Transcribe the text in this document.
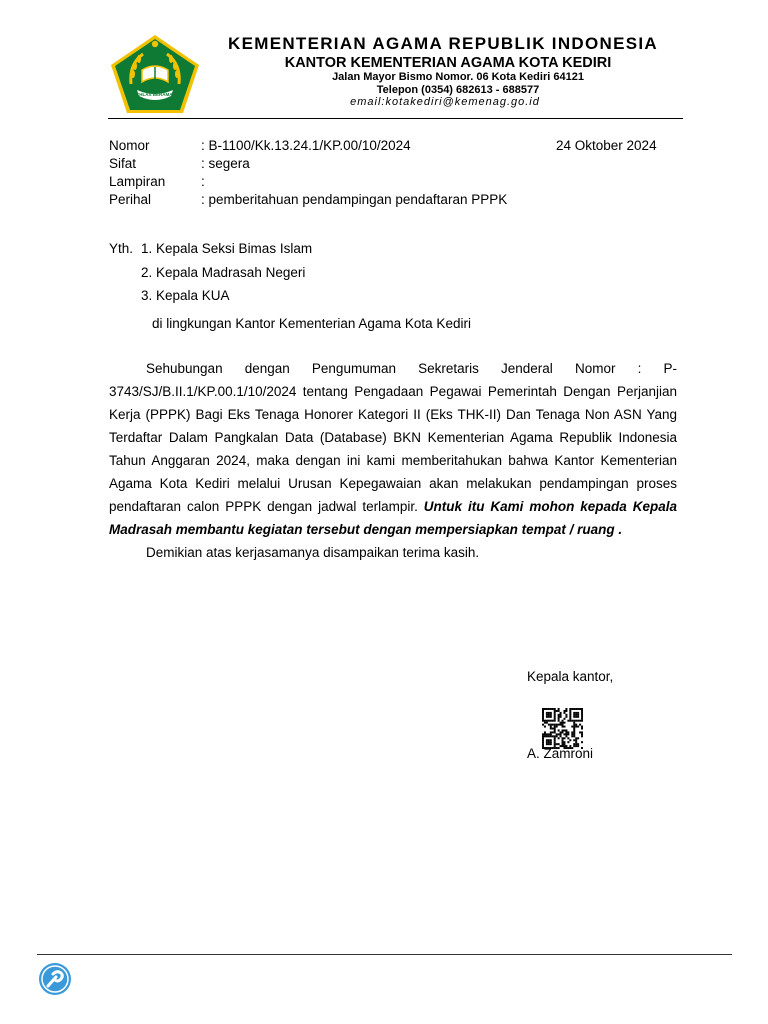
IKHLAS BERAMAL
KEMENTERIAN AGAMA REPUBLIK INDONESIA
KANTOR KEMENTERIAN AGAMA KOTA KEDIRI
Jalan Mayor Bismo Nomor. 06 Kota Kediri 64121
Telepon (0354) 682613 - 688577
email:kotakediri@kemenag.go.id
Nomor	: B-1100/Kk.13.24.1/KP.00/10/2024	24 Oktober 2024
Sifat	: segera
Lampiran	:
Perihal	: pemberitahuan pendampingan pendaftaran PPPK
Yth. 1. Kepala Seksi Bimas Islam
2. Kepala Madrasah Negeri
3. Kepala KUA
di lingkungan Kantor Kementerian Agama Kota Kediri

Sehubungan dengan Pengumuman Sekretaris Jenderal Nomor : P-3743/SJ/B.II.1/KP.00.1/10/2024 tentang Pengadaan Pegawai Pemerintah Dengan Perjanjian Kerja (PPPK) Bagi Eks Tenaga Honorer Kategori II (Eks THK-II) Dan Tenaga Non ASN Yang Terdaftar Dalam Pangkalan Data (Database) BKN Kementerian Agama Republik Indonesia Tahun Anggaran 2024, maka dengan ini kami memberitahukan bahwa Kantor Kementerian Agama Kota Kediri melalui Urusan Kepegawaian akan melakukan pendampingan proses pendaftaran calon PPPK dengan jadwal terlampir. Untuk itu Kami mohon kepada Kepala Madrasah membantu kegiatan tersebut dengan mempersiapkan tempat / ruang .

Demikian atas kerjasamanya disampaikan terima kasih.

Kepala kantor,
A. Zamroni
